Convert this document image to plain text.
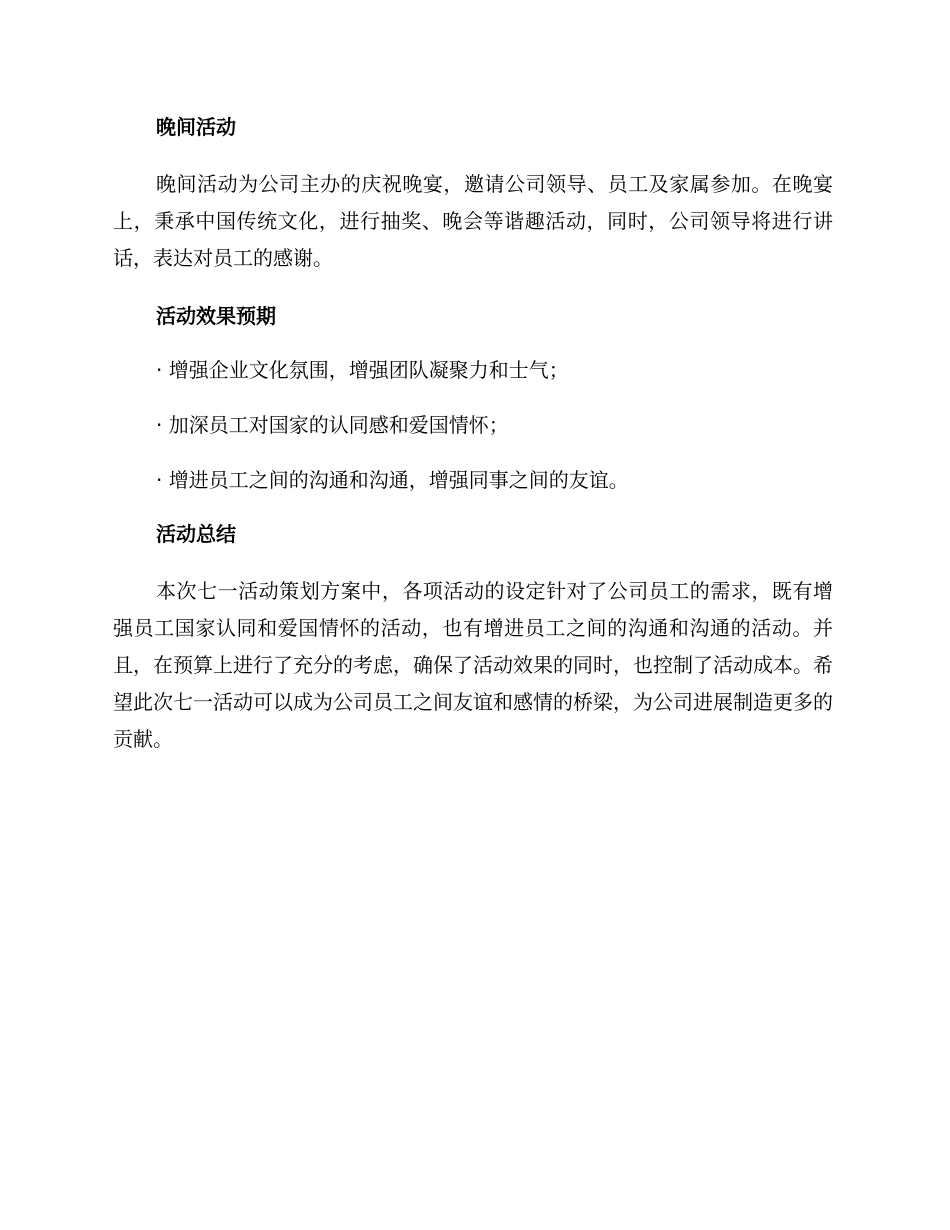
晚间活动

晚间活动为公司主办的庆祝晚宴，邀请公司领导、员工及家属参加。在晚宴上，秉承中国传统文化，进行抽奖、晚会等谐趣活动，同时，公司领导将进行讲话，表达对员工的感谢。

活动效果预期
· 增强企业文化氛围，增强团队凝聚力和士气；
· 加深员工对国家的认同感和爱国情怀；
· 增进员工之间的沟通和沟通，增强同事之间的友谊。
活动总结

本次七一活动策划方案中，各项活动的设定针对了公司员工的需求，既有增强员工国家认同和爱国情怀的活动，也有增进员工之间的沟通和沟通的活动。并且，在预算上进行了充分的考虑，确保了活动效果的同时，也控制了活动成本。希望此次七一活动可以成为公司员工之间友谊和感情的桥梁，为公司进展制造更多的贡献。
